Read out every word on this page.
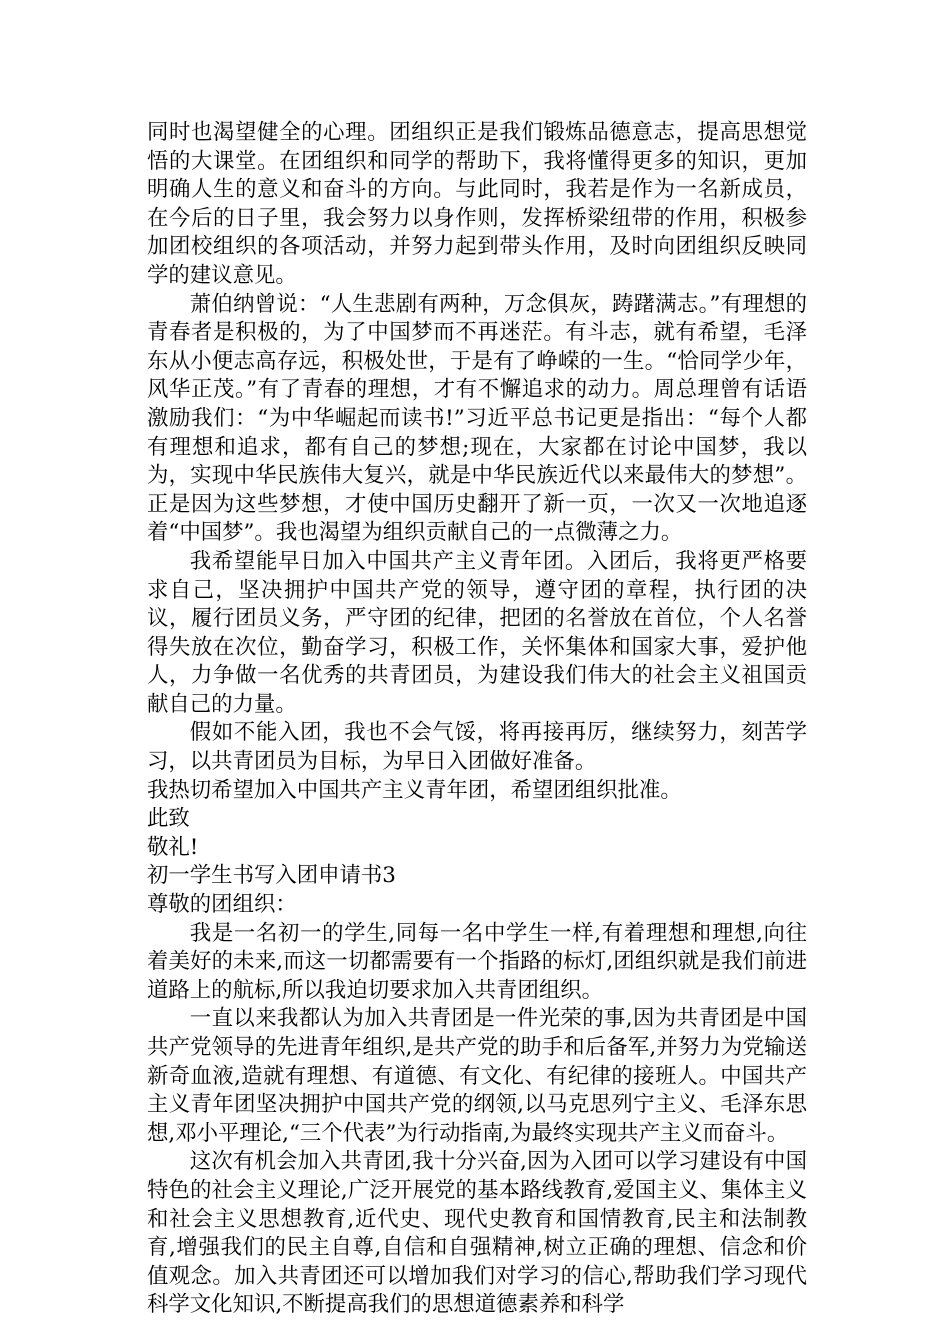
同时也渴望健全的心理。团组织正是我们锻炼品德意志，提高思想觉悟的大课堂。在团组织和同学的帮助下，我将懂得更多的知识，更加明确人生的意义和奋斗的方向。与此同时，我若是作为一名新成员，在今后的日子里，我会努力以身作则，发挥桥梁纽带的作用，积极参加团校组织的各项活动，并努力起到带头作用，及时向团组织反映同学的建议意见。

萧伯纳曾说：“人生悲剧有两种，万念俱灰，踌躇满志。”有理想的青春者是积极的，为了中国梦而不再迷茫。有斗志，就有希望，毛泽东从小便志高存远，积极处世，于是有了峥嵘的一生。“恰同学少年，风华正茂。”有了青春的理想，才有不懈追求的动力。周总理曾有话语激励我们：“为中华崛起而读书!”习近平总书记更是指出：“每个人都有理想和追求，都有自己的梦想;现在，大家都在讨论中国梦，我以为，实现中华民族伟大复兴，就是中华民族近代以来最伟大的梦想”。正是因为这些梦想，才使中国历史翻开了新一页，一次又一次地追逐着“中国梦”。我也渴望为组织贡献自己的一点微薄之力。

我希望能早日加入中国共产主义青年团。入团后，我将更严格要求自己，坚决拥护中国共产党的领导，遵守团的章程，执行团的决议，履行团员义务，严守团的纪律，把团的名誉放在首位，个人名誉得失放在次位，勤奋学习，积极工作，关怀集体和国家大事，爱护他人，力争做一名优秀的共青团员，为建设我们伟大的社会主义祖国贡献自己的力量。

假如不能入团，我也不会气馁，将再接再厉，继续努力，刻苦学习，以共青团员为目标，为早日入团做好准备。

我热切希望加入中国共产主义青年团，希望团组织批准。

此致

敬礼!

初一学生书写入团申请书3

尊敬的团组织：

我是一名初一的学生,同每一名中学生一样,有着理想和理想,向往着美好的未来,而这一切都需要有一个指路的标灯,团组织就是我们前进道路上的航标,所以我迫切要求加入共青团组织。

一直以来我都认为加入共青团是一件光荣的事,因为共青团是中国共产党领导的先进青年组织,是共产党的助手和后备军,并努力为党输送新奇血液,造就有理想、有道德、有文化、有纪律的接班人。中国共产主义青年团坚决拥护中国共产党的纲领,以马克思列宁主义、毛泽东思想,邓小平理论,“三个代表”为行动指南,为最终实现共产主义而奋斗。

这次有机会加入共青团,我十分兴奋,因为入团可以学习建设有中国特色的社会主义理论,广泛开展党的基本路线教育,爱国主义、集体主义和社会主义思想教育,近代史、现代史教育和国情教育,民主和法制教育,增强我们的民主自尊,自信和自强精神,树立正确的理想、信念和价值观念。加入共青团还可以增加我们对学习的信心,帮助我们学习现代科学文化知识,不断提高我们的思想道德素养和科学
